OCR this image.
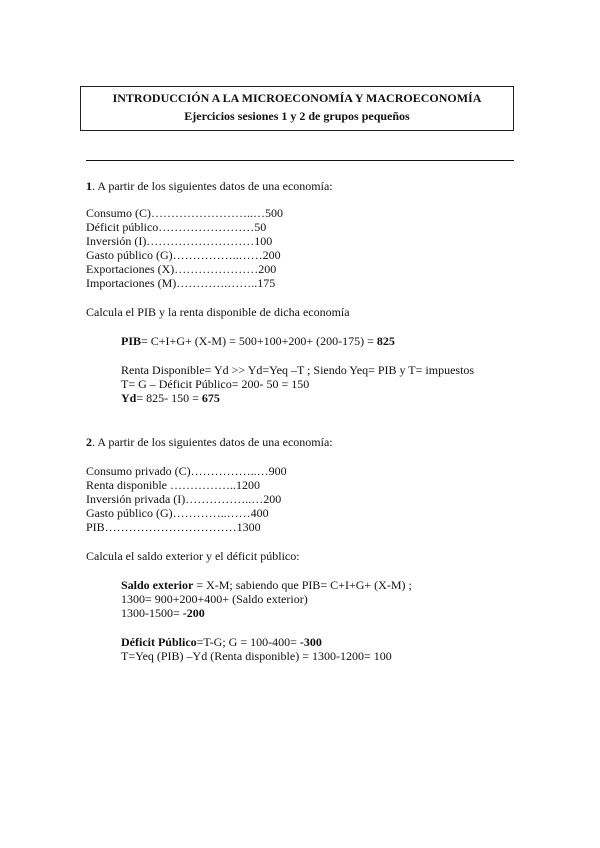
INTRODUCCIÓN A LA MICROECONOMÍA Y MACROECONOMÍA
Ejercicios sesiones 1 y 2 de grupos pequeños
1. A partir de los siguientes datos de una economía:
Consumo (C)……………………..…500
Déficit público……………………50
Inversión (I)………………………100
Gasto público (G)……………..……200
Exportaciones (X)…………………200
Importaciones (M)………….……..175
Calcula el PIB y la renta disponible de dicha economía
PIB= C+I+G+ (X-M) = 500+100+200+ (200-175) = 825
Renta Disponible= Yd >> Yd=Yeq –T ; Siendo Yeq= PIB y T= impuestos
T= G – Déficit Público= 200- 50 = 150
Yd= 825- 150 = 675
2. A partir de los siguientes datos de una economía:
Consumo privado (C)……………..…900
Renta disponible ……………..1200
Inversión privada (I)……………..…200
Gasto público (G)…………..……400
PIB……………………………1300
Calcula el saldo exterior y el déficit público:
Saldo exterior = X-M; sabiendo que PIB= C+I+G+ (X-M) ;
1300= 900+200+400+ (Saldo exterior)
1300-1500= -200
Déficit Público=T-G; G = 100-400= -300
T=Yeq (PIB) –Yd (Renta disponible) = 1300-1200= 100
